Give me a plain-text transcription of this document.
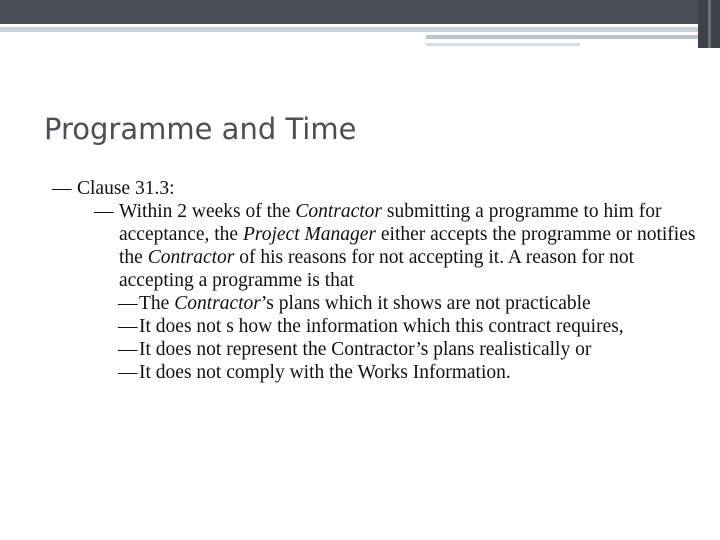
Programme and Time
— Clause 31.3:
— Within 2 weeks of the Contractor submitting a programme to him for acceptance, the Project Manager either accepts the programme or notifies the Contractor of his reasons for not accepting it. A reason for not accepting a programme is that
—The Contractor’s plans which it shows are not practicable
—It does not s how the information which this contract requires,
—It does not represent the Contractor’s plans realistically or
—It does not comply with the Works Information.
